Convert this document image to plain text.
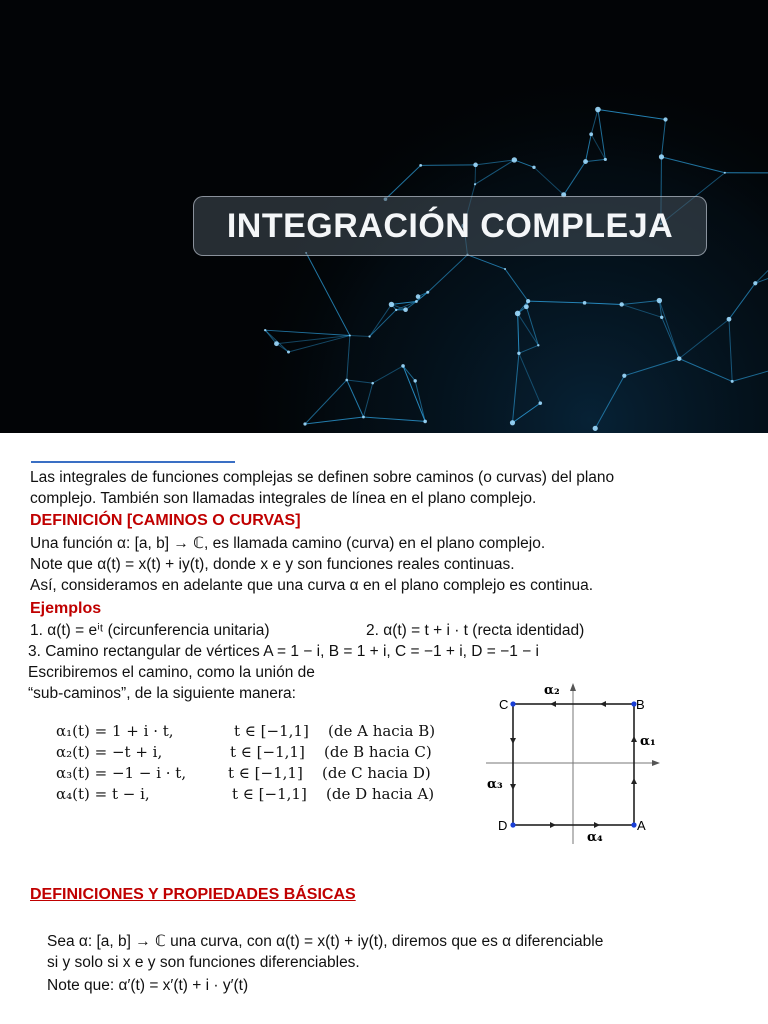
INTEGRACIÓN COMPLEJA
Las integrales de funciones complejas se definen sobre caminos (o curvas) del plano
complejo. También son llamadas integrales de línea en el plano complejo.
DEFINICIÓN [CAMINOS O CURVAS]
Una función α: [a, b] → ℂ, es llamada camino (curva) en el plano complejo.
Note que α(t) = x(t) + iy(t), donde x e y son funciones reales continuas.
Así, consideramos en adelante que una curva α en el plano complejo es continua.
Ejemplos
1. α(t) = eⁱᵗ (circunferencia unitaria)	2. α(t) = t + i · t (recta identidad)
3. Camino rectangular de vértices A = 1 − i, B = 1 + i, C = −1 + i, D = −1 − i
Escribiremos el camino, como la unión de
“sub-caminos”, de la siguiente manera:
α₁(t) = 1 + i · t,	t ∈ [−1,1] (de A hacia B)
α₂(t) = −t + i,	t ∈ [−1,1] (de B hacia C)
α₃(t) = −1 − i · t,	t ∈ [−1,1] (de C hacia D)
α₄(t) = t − i,	t ∈ [−1,1] (de D hacia A)
A
B
C
D
α₁
α₂
α₃
α₄
DEFINICIONES Y PROPIEDADES BÁSICAS
Sea α: [a, b] → ℂ una curva, con α(t) = x(t) + iy(t), diremos que es α diferenciable
si y solo si x e y son funciones diferenciables.
Note que: α′(t) = x′(t) + i · y′(t)
